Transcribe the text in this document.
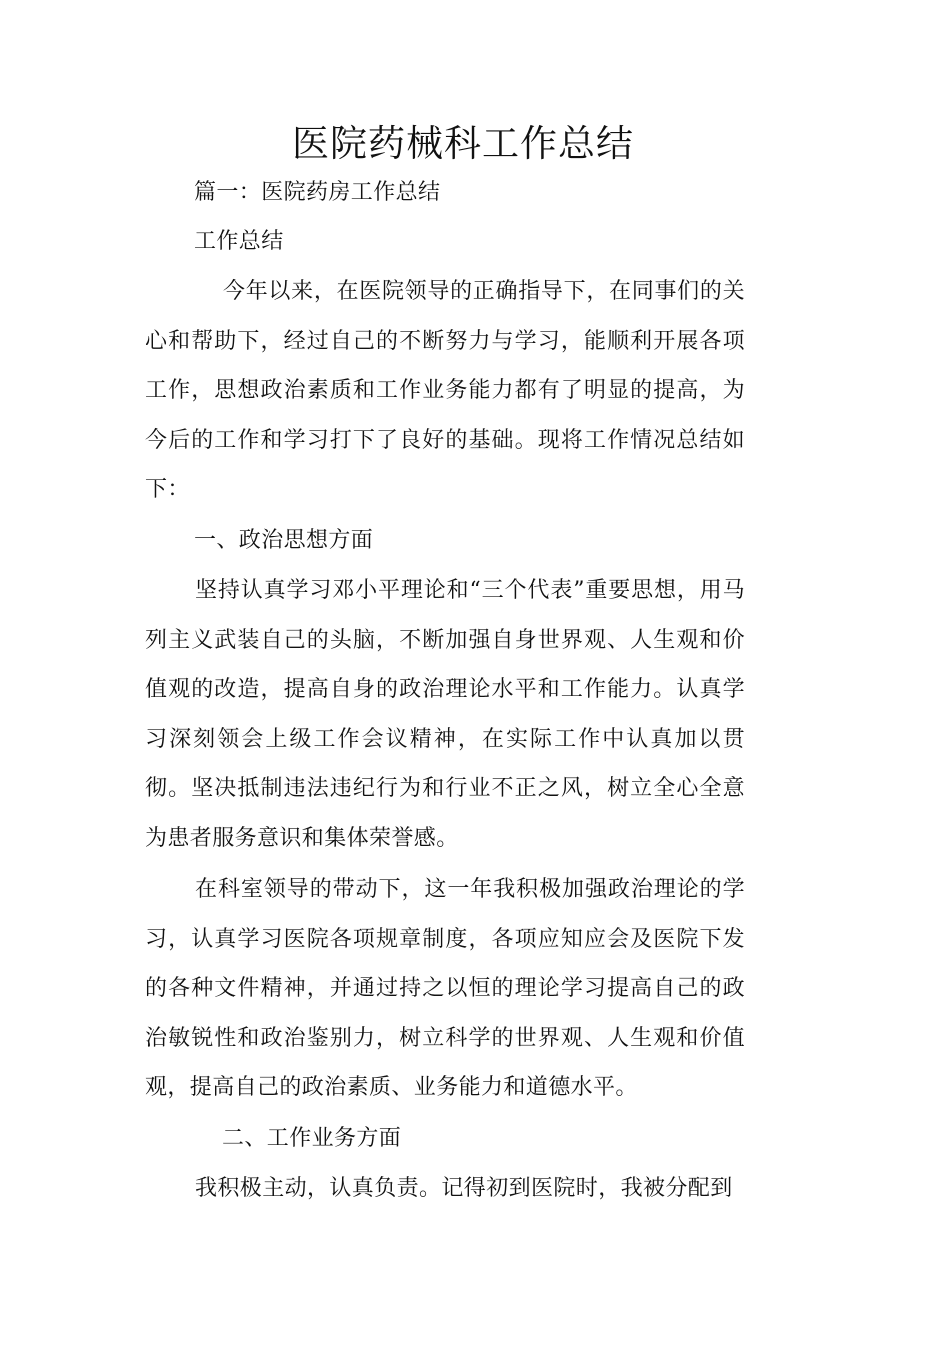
医院药械科工作总结

篇一：医院药房工作总结

工作总结

今年以来，在医院领导的正确指导下，在同事们的关心和帮助下，经过自己的不断努力与学习，能顺利开展各项工作，思想政治素质和工作业务能力都有了明显的提高，为今后的工作和学习打下了良好的基础。现将工作情况总结如下：

一、政治思想方面

坚持认真学习邓小平理论和“三个代表”重要思想，用马列主义武装自己的头脑，不断加强自身世界观、人生观和价值观的改造，提高自身的政治理论水平和工作能力。认真学习深刻领会上级工作会议精神，在实际工作中认真加以贯彻。坚决抵制违法违纪行为和行业不正之风，树立全心全意为患者服务意识和集体荣誉感。

在科室领导的带动下，这一年我积极加强政治理论的学习，认真学习医院各项规章制度，各项应知应会及医院下发的各种文件精神，并通过持之以恒的理论学习提高自己的政治敏锐性和政治鉴别力，树立科学的世界观、人生观和价值观，提高自己的政治素质、业务能力和道德水平。

二、工作业务方面

我积极主动，认真负责。记得初到医院时，我被分配到
